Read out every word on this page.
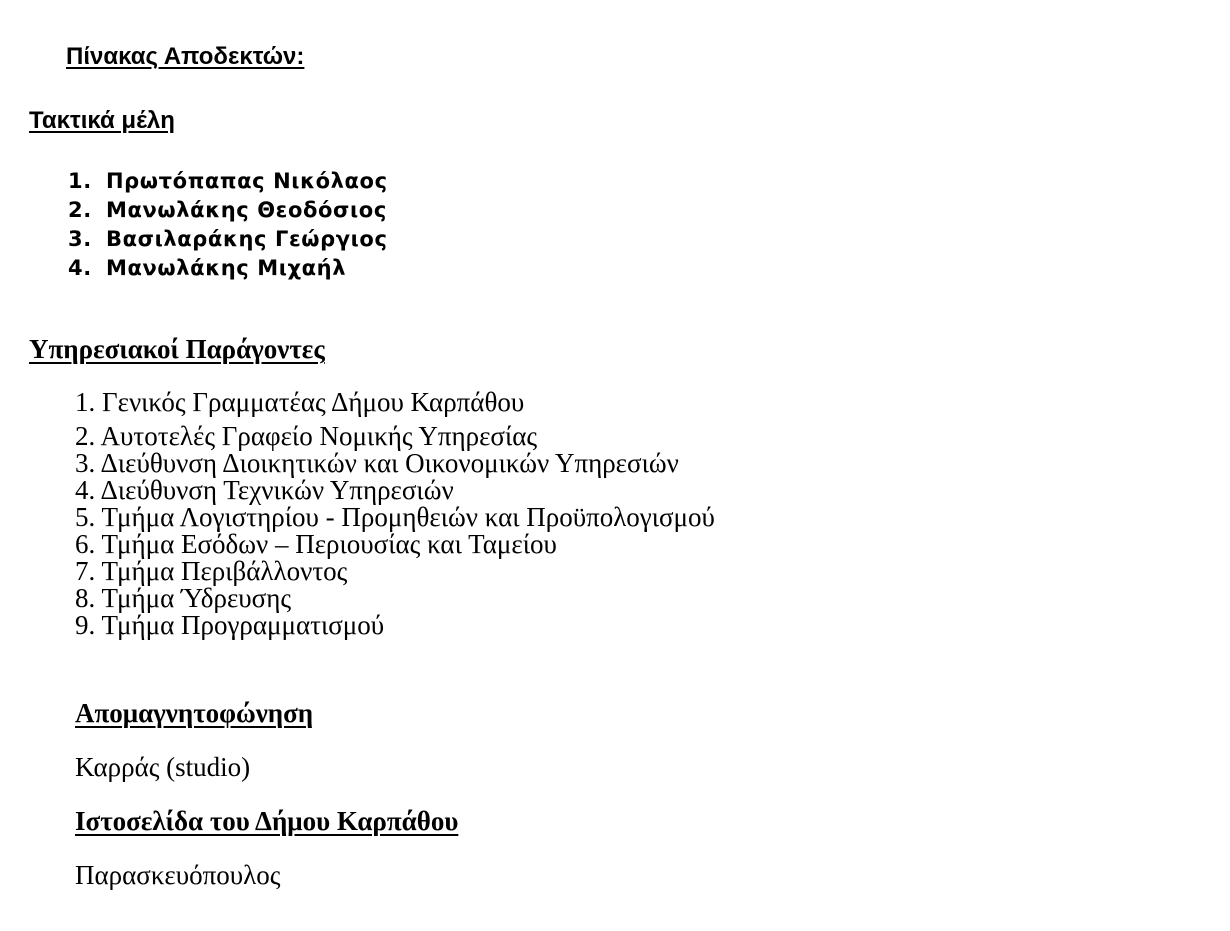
Πίνακας Αποδεκτών:
Τακτικά μέλη
1. Πρωτόπαπας Νικόλαος
2. Μανωλάκης Θεοδόσιος
3. Βασιλαράκης Γεώργιος
4. Μανωλάκης Μιχαήλ
Υπηρεσιακοί Παράγοντες
1. Γενικός Γραμματέας Δήμου Καρπάθου
2. Αυτοτελές Γραφείο Νομικής Υπηρεσίας
3. Διεύθυνση Διοικητικών και Οικονομικών Υπηρεσιών
4. Διεύθυνση Τεχνικών Υπηρεσιών
5. Τμήμα Λογιστηρίου - Προμηθειών και Προϋπολογισμού
6. Τμήμα Εσόδων – Περιουσίας και Ταμείου
7. Τμήμα Περιβάλλοντος
8. Τμήμα Ύδρευσης
9. Τμήμα Προγραμματισμού
Απομαγνητοφώνηση
Καρράς (studio)
Ιστοσελίδα του Δήμου Καρπάθου
Παρασκευόπουλος
